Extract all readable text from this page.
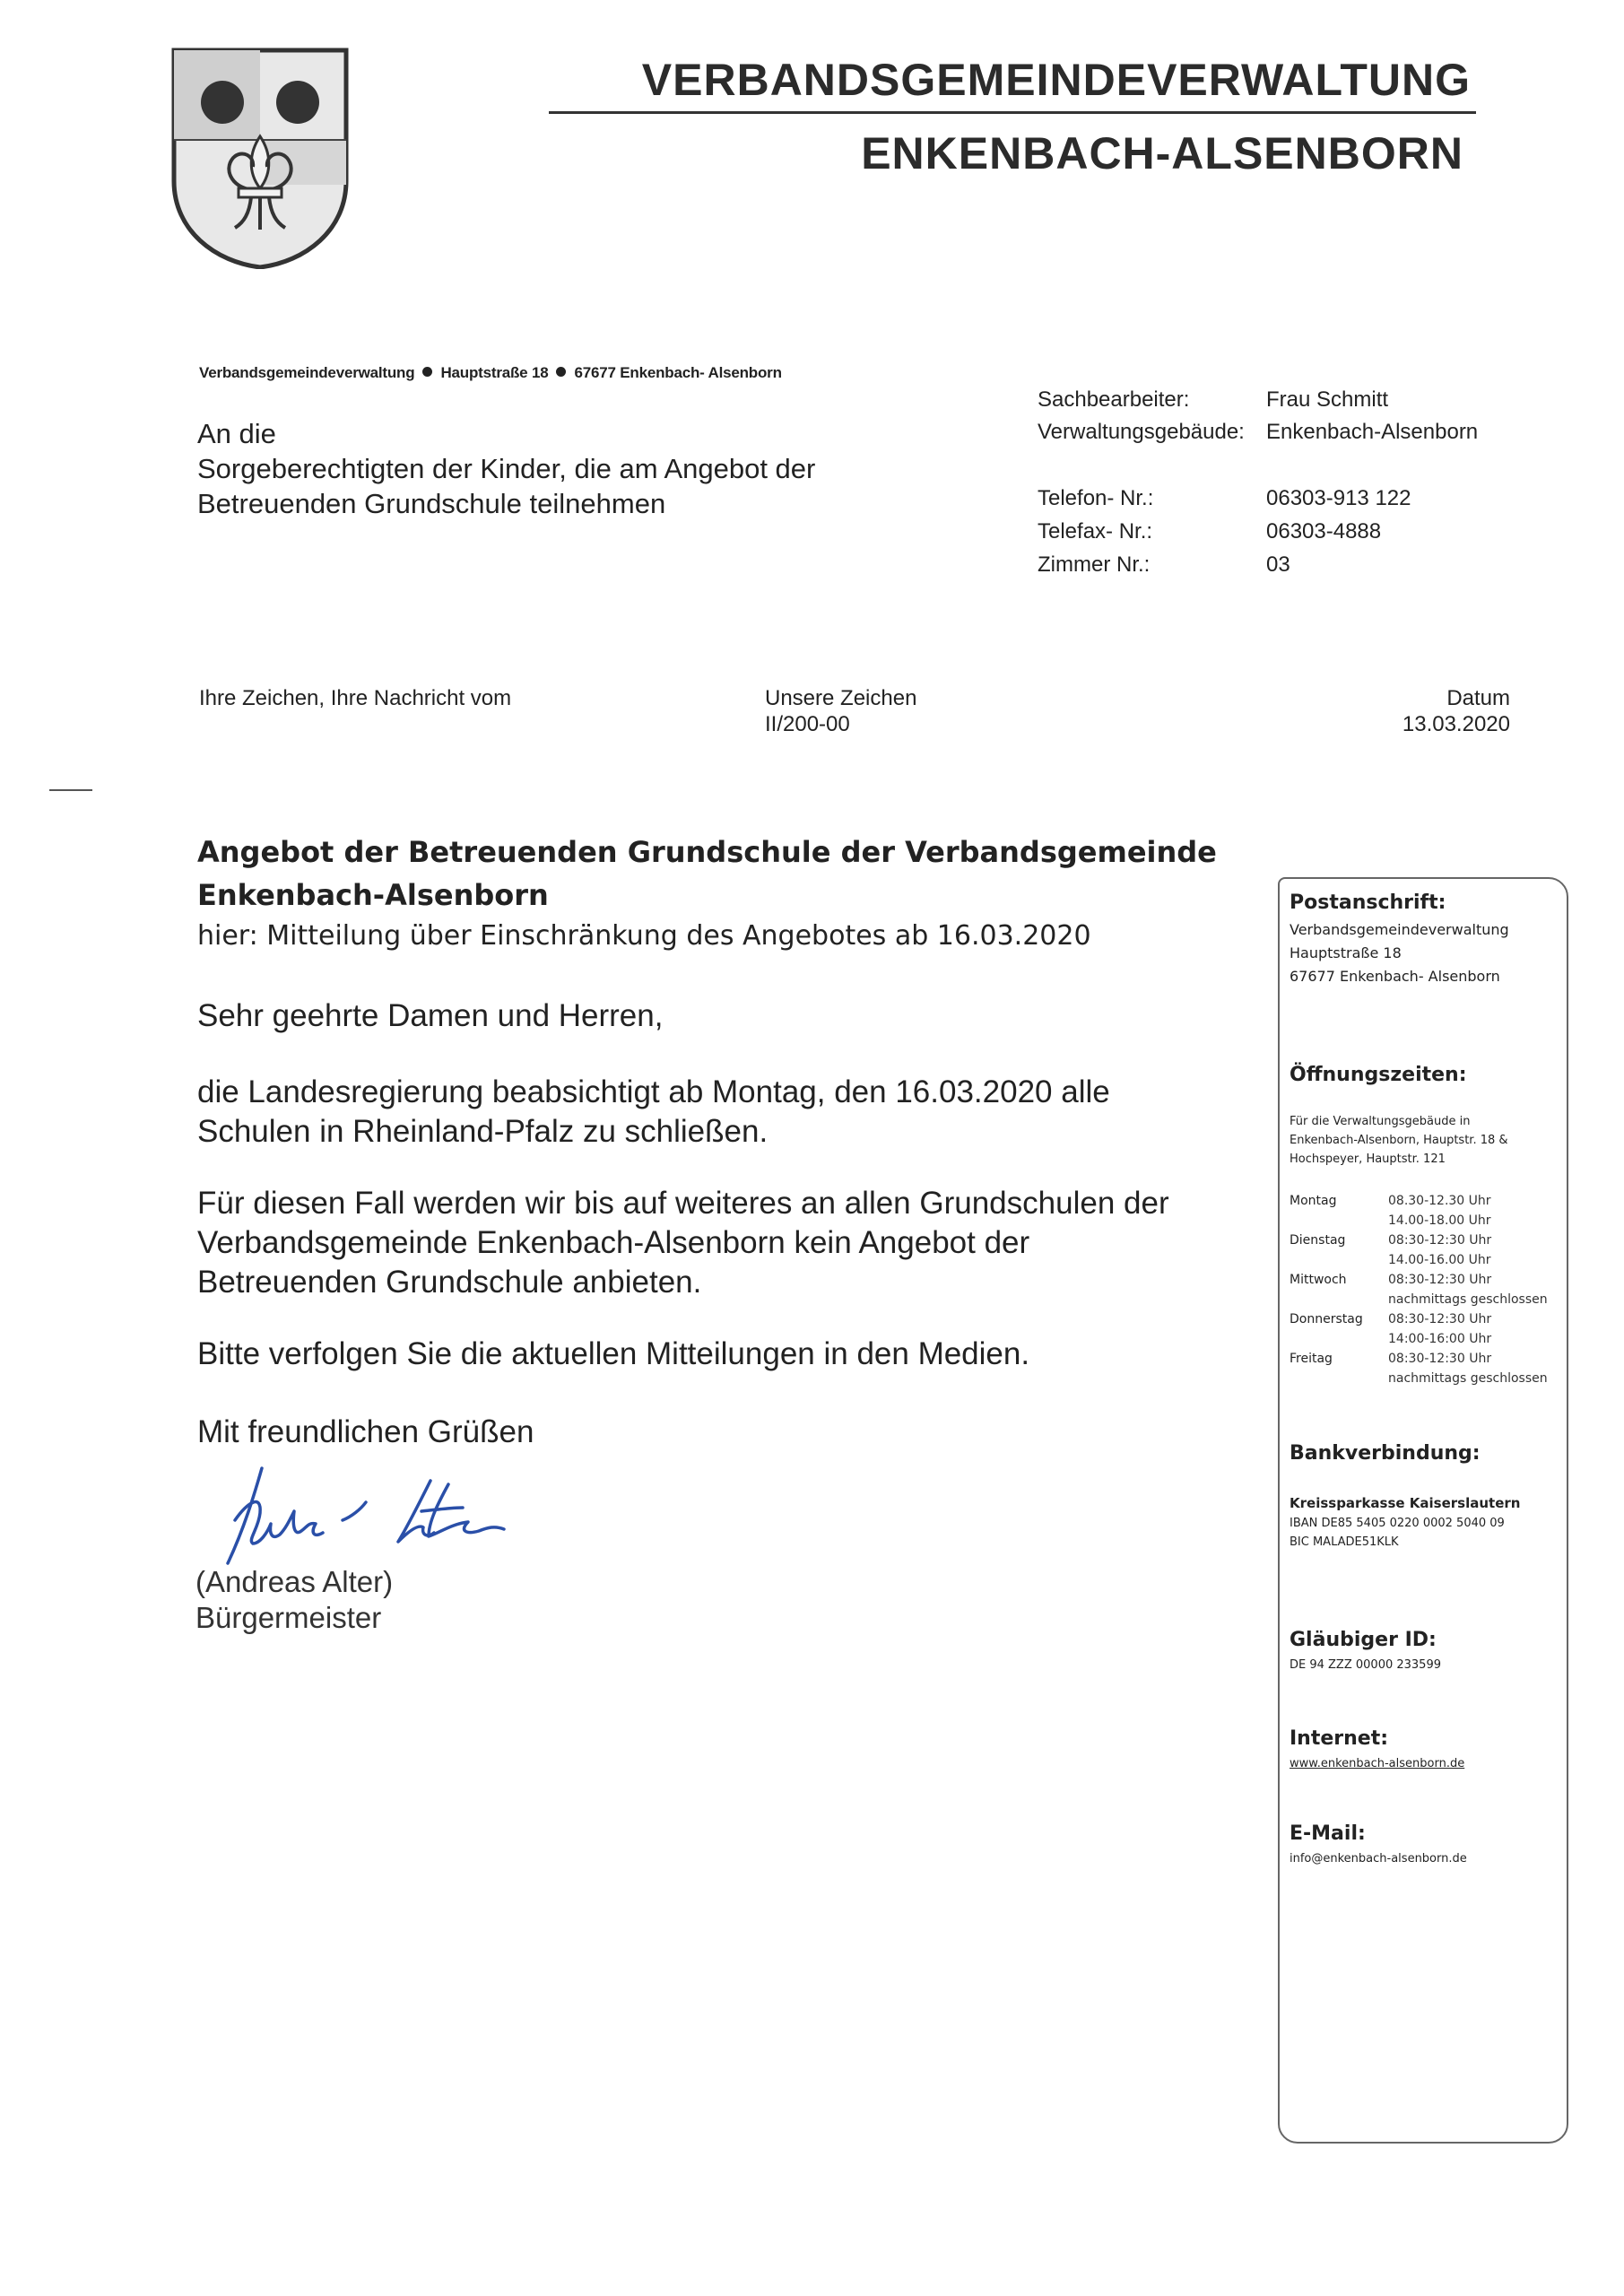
VERBANDSGEMEINDEVERWALTUNG
ENKENBACH-ALSENBORN
Verbandsgemeindeverwaltung Hauptstraße 18 67677 Enkenbach- Alsenborn
An die
Sorgeberechtigten der Kinder, die am Angebot der
Betreuenden Grundschule teilnehmen
Sachbearbeiter:	Frau Schmitt
Verwaltungsgebäude: Enkenbach-Alsenborn
Telefon- Nr.:	06303-913 122
Telefax- Nr.:	06303-4888
Zimmer Nr.:	03
Ihre Zeichen, Ihre Nachricht vom	Unsere Zeichen
II/200-00
Datum
13.03.2020
Angebot der Betreuenden Grundschule der Verbandsgemeinde
Enkenbach-Alsenborn
hier: Mitteilung über Einschränkung des Angebotes ab 16.03.2020
Sehr geehrte Damen und Herren,
die Landesregierung beabsichtigt ab Montag, den 16.03.2020 alle
Schulen in Rheinland-Pfalz zu schließen.
Für diesen Fall werden wir bis auf weiteres an allen Grundschulen der
Verbandsgemeinde Enkenbach-Alsenborn kein Angebot der
Betreuenden Grundschule anbieten.
Bitte verfolgen Sie die aktuellen Mitteilungen in den Medien.
Mit freundlichen Grüßen
(Andreas Alter)
Bürgermeister
Postanschrift:
Verbandsgemeindeverwaltung
Hauptstraße 18
67677 Enkenbach- Alsenborn
Öffnungszeiten:
Für die Verwaltungsgebäude in
Enkenbach-Alsenborn, Hauptstr. 18 &
Hochspeyer, Hauptstr. 121
Montag	08.30-12.30 Uhr
14.00-18.00 Uhr
Dienstag	08:30-12:30 Uhr
14.00-16.00 Uhr
Mittwoch	08:30-12:30 Uhr
nachmittags geschlossen
Donnerstag	08:30-12:30 Uhr
14:00-16:00 Uhr
Freitag	08:30-12:30 Uhr
nachmittags geschlossen
Bankverbindung:
Kreissparkasse Kaiserslautern
IBAN DE85 5405 0220 0002 5040 09
BIC MALADE51KLK
Gläubiger ID:
DE 94 ZZZ 00000 233599
Internet:
www.enkenbach-alsenborn.de
E-Mail:
info@enkenbach-alsenborn.de
